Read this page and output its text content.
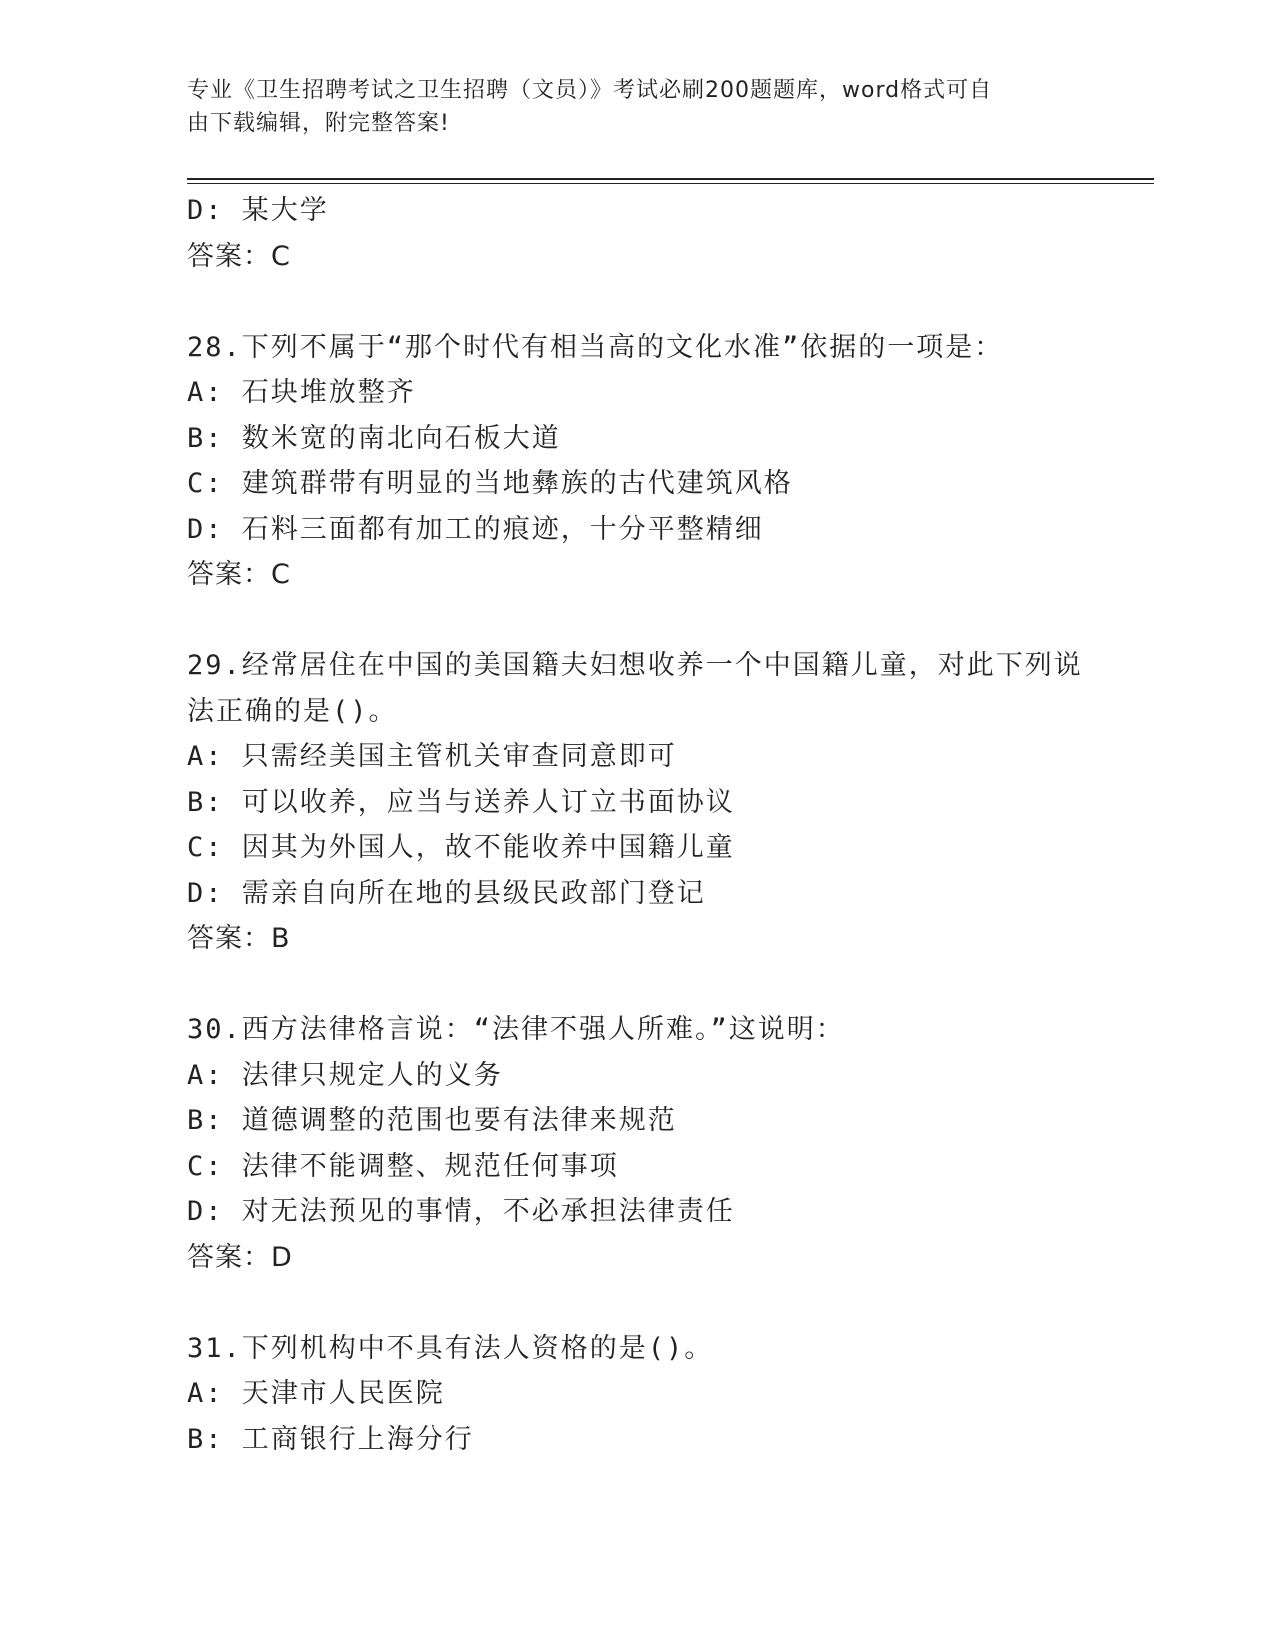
专业《卫生招聘考试之卫生招聘（文员）》考试必刷200题题库，word格式可自
由下载编辑，附完整答案!
D: 某大学
答案：C
28.下列不属于“那个时代有相当高的文化水准”依据的一项是：
A: 石块堆放整齐
B: 数米宽的南北向石板大道
C: 建筑群带有明显的当地彝族的古代建筑风格
D: 石料三面都有加工的痕迹，十分平整精细
答案：C
29.经常居住在中国的美国籍夫妇想收养一个中国籍儿童，对此下列说
法正确的是()。
A: 只需经美国主管机关审查同意即可
B: 可以收养，应当与送养人订立书面协议
C: 因其为外国人，故不能收养中国籍儿童
D: 需亲自向所在地的县级民政部门登记
答案：B
30.西方法律格言说：“法律不强人所难。”这说明：
A: 法律只规定人的义务
B: 道德调整的范围也要有法律来规范
C: 法律不能调整、规范任何事项
D: 对无法预见的事情，不必承担法律责任
答案：D
31.下列机构中不具有法人资格的是()。
A: 天津市人民医院
B: 工商银行上海分行
